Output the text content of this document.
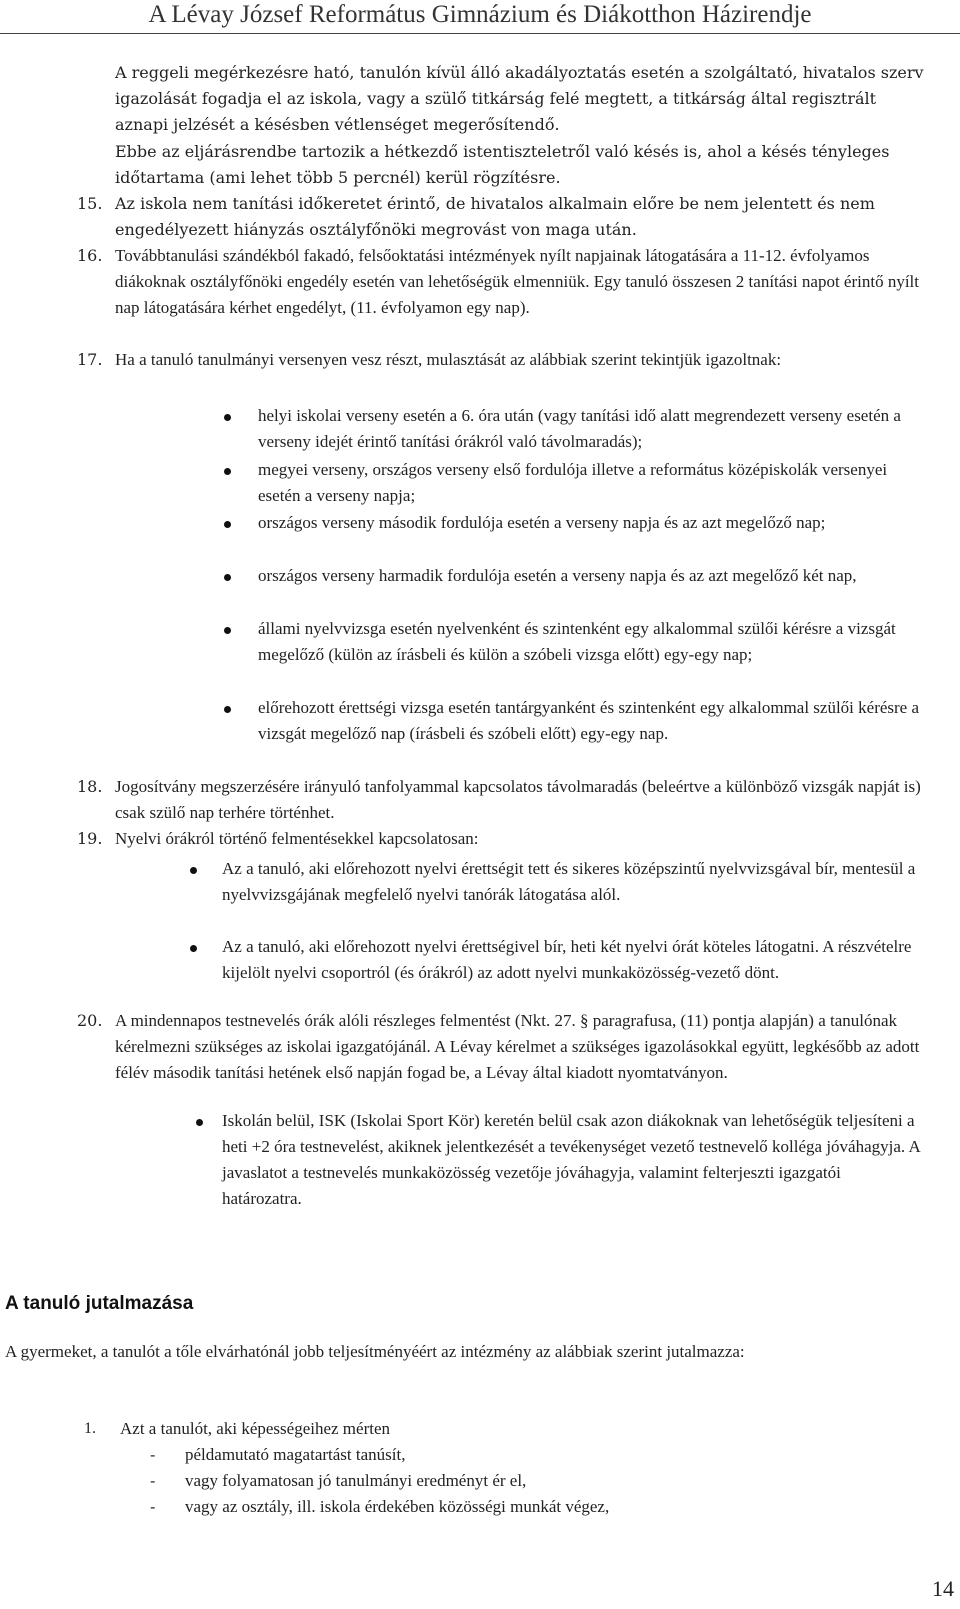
A Lévay József Református Gimnázium és Diákotthon Házirendje

A reggeli megérkezésre ható, tanulón kívül álló akadályoztatás esetén a szolgáltató, hivatalos szerv igazolását fogadja el az iskola, vagy a szülő titkárság felé megtett, a titkárság által regisztrált aznapi jelzését a késésben vétlenséget megerősítendő.

Ebbe az eljárásrendbe tartozik a hétkezdő istentiszteletről való késés is, ahol a késés tényleges időtartama (ami lehet több 5 percnél) kerül rögzítésre.

15. Az iskola nem tanítási időkeretet érintő, de hivatalos alkalmain előre be nem jelentett és nem engedélyezett hiányzás osztályfőnöki megrovást von maga után.

16. Továbbtanulási szándékból fakadó, felsőoktatási intézmények nyílt napjainak látogatására a 11-12. évfolyamos diákoknak osztályfőnöki engedély esetén van lehetőségük elmenniük. Egy tanuló összesen 2 tanítási napot érintő nyílt nap látogatására kérhet engedélyt, (11. évfolyamon egy nap).

17. Ha a tanuló tanulmányi versenyen vesz részt, mulasztását az alábbiak szerint tekintjük igazoltnak:

helyi iskolai verseny esetén a 6. óra után (vagy tanítási idő alatt megrendezett verseny esetén a verseny idejét érintő tanítási órákról való távolmaradás);

megyei verseny, országos verseny első fordulója illetve a református középiskolák versenyei esetén a verseny napja;

országos verseny második fordulója esetén a verseny napja és az azt megelőző nap;

országos verseny harmadik fordulója esetén a verseny napja és az azt megelőző két nap,

állami nyelvvizsga esetén nyelvenként és szintenként egy alkalommal szülői kérésre a vizsgát megelőző (külön az írásbeli és külön a szóbeli vizsga előtt) egy-egy nap;

előrehozott érettségi vizsga esetén tantárgyanként és szintenként egy alkalommal szülői kérésre a vizsgát megelőző nap (írásbeli és szóbeli előtt) egy-egy nap.

18. Jogosítvány megszerzésére irányuló tanfolyammal kapcsolatos távolmaradás (beleértve a különböző vizsgák napját is) csak szülő nap terhére történhet.

19. Nyelvi órákról történő felmentésekkel kapcsolatosan:

Az a tanuló, aki előrehozott nyelvi érettségit tett és sikeres középszintű nyelvvizsgával bír, mentesül a nyelvvizsgájának megfelelő nyelvi tanórák látogatása alól.

Az a tanuló, aki előrehozott nyelvi érettségivel bír, heti két nyelvi órát köteles látogatni. A részvételre kijelölt nyelvi csoportról (és órákról) az adott nyelvi munkaközösség-vezető dönt.

20. A mindennapos testnevelés órák alóli részleges felmentést (Nkt. 27. § paragrafusa, (11) pontja alapján) a tanulónak kérelmezni szükséges az iskolai igazgatójánál. A Lévay kérelmet a szükséges igazolásokkal együtt, legkésőbb az adott félév második tanítási hetének első napján fogad be, a Lévay által kiadott nyomtatványon.

Iskolán belül, ISK (Iskolai Sport Kör) keretén belül csak azon diákoknak van lehetőségük teljesíteni a heti +2 óra testnevelést, akiknek jelentkezését a tevékenységet vezető testnevelő kolléga jóváhagyja. A javaslatot a testnevelés munkaközösség vezetője jóváhagyja, valamint felterjeszti igazgatói határozatra.

A tanuló jutalmazása

A gyermeket, a tanulót a tőle elvárhatónál jobb teljesítményéért az intézmény az alábbiak szerint jutalmazza:

1. Azt a tanulót, aki képességeihez mérten

- példamutató magatartást tanúsít,

- vagy folyamatosan jó tanulmányi eredményt ér el,

- vagy az osztály, ill. iskola érdekében közösségi munkát végez,

14
